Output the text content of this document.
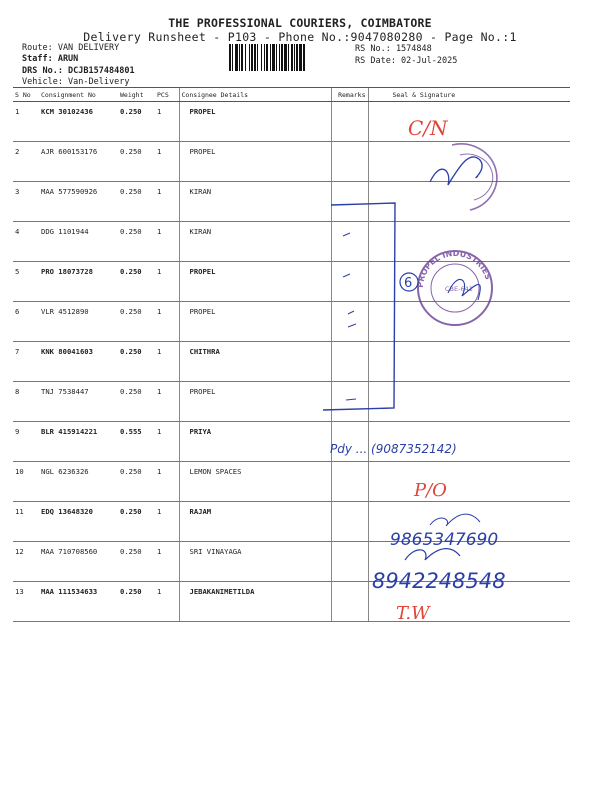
THE PROFESSIONAL COURIERS, COIMBATORE
Delivery Runsheet - P103 - Phone No.:9047080280 - Page No.:1
Route: VAN DELIVERY
Staff: ARUN
DRS No.: DCJB157484801
Vehicle: Van-Delivery
RS No.: 1574848
RS Date: 02-Jul-2025
S No	Consignment No	Weight	PCS	Consignee Details	Remarks	Seal & Signature
1	KCM 30102436	0.250	1	PROPEL		
2	AJR 600153176	0.250	1	PROPEL		
3	MAA 577590926	0.250	1	KIRAN		
4	DDG 1101944	0.250	1	KIRAN		
5	PRO 18073728	0.250	1	PROPEL		
6	VLR 4512890	0.250	1	PROPEL		
7	KNK 80041603	0.250	1	CHITHRA		
8	TNJ 7538447	0.250	1	PROPEL		
9	BLR 415914221	0.555	1	PRIYA		
10	NGL 6236326	0.250	1	LEMON SPACES		
11	EDQ 13648320	0.250	1	RAJAM		
12	MAA 710708560	0.250	1	SRI VINAYAGA		
13	MAA 111534633	0.250	1	JEBAKANIMETILDA		
PROPEL INDUSTRIES
CBE-641
6
Pdy ... (9087352142)
C/N
P/O
T.W
9865347690
8942248548
